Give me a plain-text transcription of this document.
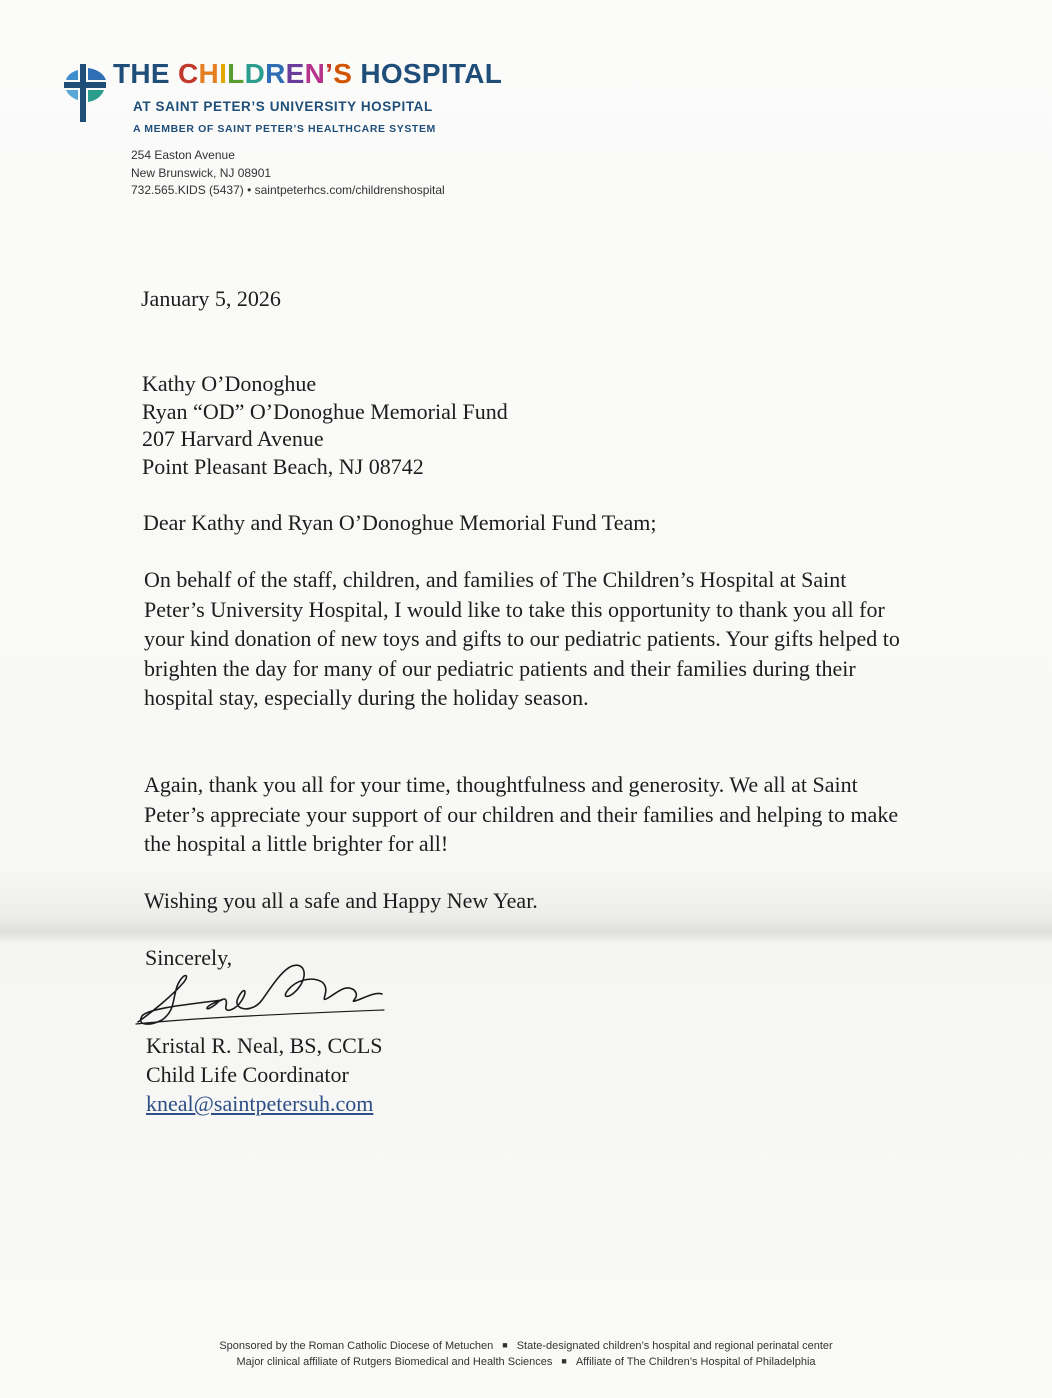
THE CHILDREN’S HOSPITAL
AT SAINT PETER’S UNIVERSITY HOSPITAL
A MEMBER OF SAINT PETER’S HEALTHCARE SYSTEM
254 Easton Avenue
New Brunswick, NJ 08901
732.565.KIDS (5437) • saintpeterhcs.com/childrenshospital
January 5, 2026
Kathy O’Donoghue
Ryan “OD” O’Donoghue Memorial Fund
207 Harvard Avenue
Point Pleasant Beach, NJ 08742
Dear Kathy and Ryan O’Donoghue Memorial Fund Team;

On behalf of the staff, children, and families of The Children’s Hospital at Saint Peter’s University Hospital, I would like to take this opportunity to thank you all for your kind donation of new toys and gifts to our pediatric patients. Your gifts helped to brighten the day for many of our pediatric patients and their families during their hospital stay, especially during the holiday season.

Again, thank you all for your time, thoughtfulness and generosity. We all at Saint Peter’s appreciate your support of our children and their families and helping to make the hospital a little brighter for all!

Wishing you all a safe and Happy New Year.

Sincerely,
Kristal R. Neal, BS, CCLS
Child Life Coordinator
kneal@saintpetersuh.com
Sponsored by the Roman Catholic Diocese of Metuchen ■ State-designated children’s hospital and regional perinatal center
Major clinical affiliate of Rutgers Biomedical and Health Sciences ■ Affiliate of The Children’s Hospital of Philadelphia
